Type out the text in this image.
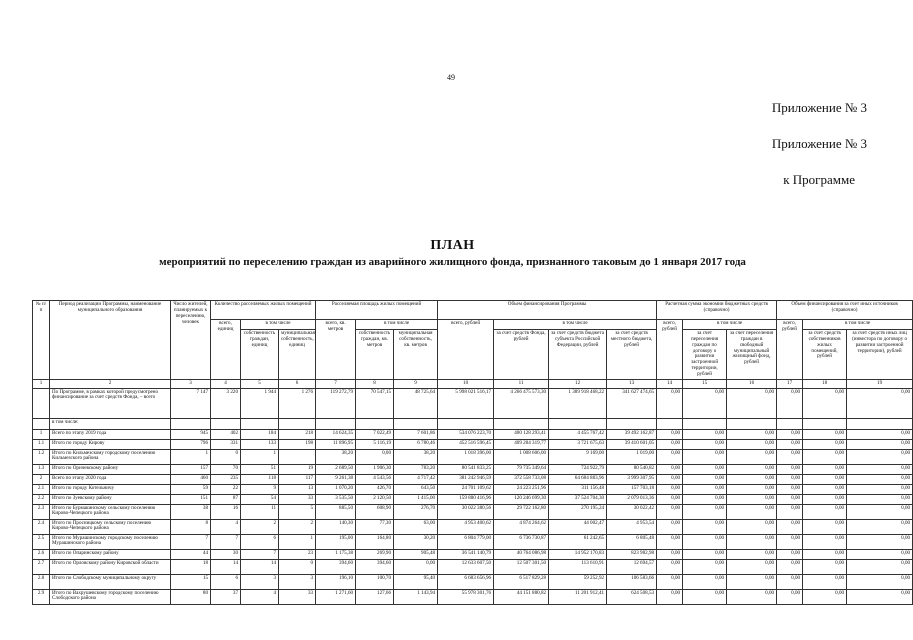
49
Приложение № 3
Приложение № 3
к Программе
ПЛАН
мероприятий по переселению граждан из аварийного жилищного фонда, признанного таковым до 1 января 2017 года
№ п/п	Период реализации Программы, наименование муниципального образования	Число жителей, планируемых к переселению, человек	Количество расселяемых жилых помещений			Расселяемая площадь жилых помещений			Объем финансирования Программы				Расчетная сумма экономии бюджетных средств (справочно)			Объем финансирования за счет иных источников (справочно)		
			всего, единиц	в том числе		всего, кв. метров	в том числе		всего, рублей	в том числе			всего, рублей	в том числе		всего, рублей	в том числе	
				собственность граждан, единиц	муниципальная собственность, единиц		собственность граждан, кв. метров	муниципальная собственность, кв. метров		за счет средств Фонда, рублей	за счет средств бюджета субъекта Российской Федерации, рублей	за счет средств местного бюджета, рублей		за счет переселения граждан по договору о развитии застроенной территории, рублей	за счет переселения граждан в свободный муниципальный жилищный фонд, рублей		за счет средств собственников жилых помещений, рублей	за счет средств иных лиц (инвестора по договору о развитии застроенной территории), рублей
1	2	3	4	5	6	7	8	9	10	11	12	13	14	15	16	17	18	19
	По Программе, в рамках которой предусмотрено финансирование за счет средств Фонда, – всего	7 147	3 220	1 944	1 276	119 272,79	70 547,15	48 725,64	5 998 021 516,17	4 266 475 573,30	1 389 918 468,22	341 627 474,65	0,00	0,00	0,00	0,00	0,00	0,00
	в том числе:																	
1	Всего по этапу 2019 года	945	402	184	218	14 624,35	7 022,49	7 601,86	534 076 223,70	400 128 293,41	4 455 767,42	39 492 162,87	0,00	0,00	0,00	0,00	0,00	0,00
1.1	Итого по городу Кирову	796	331	133	198	11 896,95	5 116,19	6 780,46	452 516 596,45	409 284 319,77	3 721 675,63	39 410 601,05	0,00	0,00	0,00	0,00	0,00	0,00
1.2	Итого по Кильмезскому городскому поселению Кильмезского района	1	0	1		38,20	0,00	38,20	1 018 396,00	1 008 606,00	9 169,00	1 019,00	0,00	0,00	0,00	0,00	0,00	0,00
1.3	Итого по Оричевскому району	157	70	51	19	2 689,50	1 906,30	783,20	80 541 833,25	79 735 349,64	724 922,79	80 540,82	0,00	0,00	0,00	0,00	0,00	0,00
2	Всего по этапу 2020 года	460	235	118	117	9 261,38	4 543,56	4 717,42	381 242 946,59	372 558 733,08	64 684 883,96	3 999 307,95	0,00	0,00	0,00	0,00	0,00	0,00
2.1	Итого по городу Котельничу	59	22	9	13	1 070,20	426,70	643,50	24 701 109,62	24 223 251,96	311 156,48	157 703,18	0,00	0,00	0,00	0,00	0,00	0,00
2.2	Итого по Зуевскому району	151	87	54	33	3 535,50	2 120,50	1 415,00	159 880 416,96	120 246 699,30	37 524 704,30	2 079 013,36	0,00	0,00	0,00	0,00	0,00	0,00
2.3	Итого по Бурмакинскому сельскому поселению Кирово-Чепецкого района	38	16	11	5	885,50	608,90	276,70	30 022 380,56	29 722 162,80	270 195,24	30 022,42	0,00	0,00	0,00	0,00	0,00	0,00
2.4	Итого по Просницкому сельскому поселению Кирово-Чепецкого района	8	4	2	2	140,30	77,30	63,00	4 953 400,62	4 874 264,62	44 002,47	4 953,54	0,00	0,00	0,00	0,00	0,00	0,00
2.5	Итого по Мурашинскому городскому поселению Мурашинского района	7	7	6	1	195,00	164,80	30,20	6 804 779,00	6 736 730,87	61 242,65	6 805,48	0,00	0,00	0,00	0,00	0,00	0,00
2.6	Итого по Опаринскому району	44	30	7	23	1 175,38	269,90	905,48	36 541 140,79	40 764 086,98	14 952 170,83	823 982,98	0,00	0,00	0,00	0,00	0,00	0,00
2.7	Итого по Орловскому району Кировской области	18	14	14	0	394,60	394,60	0,00	12 633 607,50	12 507 301,50	113 610,91	12 694,57	0,00	0,00	0,00	0,00	0,00	0,00
2.8	Итого по Слободскому муниципальному округу	15	6	3	3	196,10	100,70	95,40	6 683 656,96	6 517 829,28	59 252,92	106 583,66	0,00	0,00	0,00	0,00	0,00	0,00
2.9	Итого по Вахрушевскому городскому поселению Слободского района	80	37	4	33	1 271,60	127,66	1 143,94	55 978 301,76	44 151 880,82	11 201 912,41	624 508,53	0,00	0,00	0,00	0,00	0,00	0,00
